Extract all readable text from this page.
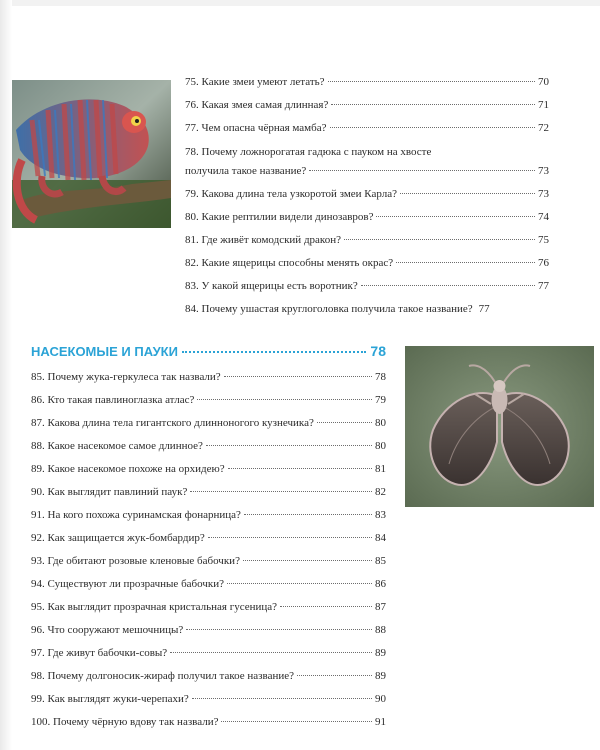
75. Какие змеи умеют летать?	70
76. Какая змея самая длинная?	71
77. Чем опасна чёрная мамба?	72
78. Почему ложнорогатая гадюка с пауком на хвосте
получила такое название?	73
79. Какова длина тела узкоротой змеи Карла?	73
80. Какие рептилии видели динозавров?	74
81. Где живёт комодский дракон?	75
82. Какие ящерицы способны менять окрас?	76
83. У какой ящерицы есть воротник?	77
84. Почему ушастая круглоголовка получила такое название? 77
НАСЕКОМЫЕ И ПАУКИ	78
85. Почему жука-геркулеса так назвали?	78
86. Кто такая павлиноглазка атлас?	79
87. Какова длина тела гигантского длинноногого кузнечика?	80
88. Какое насекомое самое длинное?	80
89. Какое насекомое похоже на орхидею?	81
90. Как выглядит павлиний паук?	82
91. На кого похожа суринамская фонарница?	83
92. Как защищается жук-бомбардир?	84
93. Где обитают розовые кленовые бабочки?	85
94. Существуют ли прозрачные бабочки?	86
95. Как выглядит прозрачная кристальная гусеница?	87
96. Что сооружают мешочницы?	88
97. Где живут бабочки-совы?	89
98. Почему долгоносик-жираф получил такое название?	89
99. Как выглядят жуки-черепахи?	90
100. Почему чёрную вдову так назвали?	91
